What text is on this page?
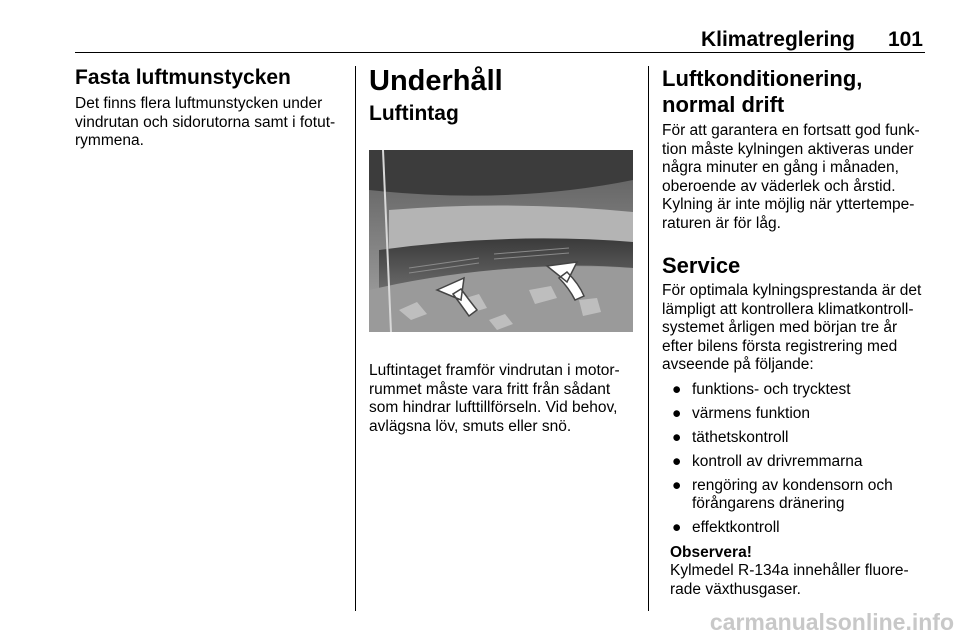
Klimatreglering 101
Fasta luftmunstycken

Det finns flera luftmunstycken under vindrutan och sidorutorna samt i fotut-rymmena.

Underhåll
Luftintag

Luftintaget framför vindrutan i motor-rummet måste vara fritt från sådant som hindrar lufttillförseln. Vid behov, avlägsna löv, smuts eller snö.

Luftkonditionering, normal drift

För att garantera en fortsatt god funk-tion måste kylningen aktiveras under några minuter en gång i månaden, oberoende av väderlek och årstid. Kylning är inte möjlig när yttertempe-raturen är för låg.

Service

För optimala kylningsprestanda är det lämpligt att kontrollera klimatkontroll-systemet årligen med början tre år efter bilens första registrering med avseende på följande:

● funktions- och trycktest
● värmens funktion
● täthetskontroll
● kontroll av drivremmarna
● rengöring av kondensorn och förångarens dränering
● effektkontroll
Observera!

Kylmedel R-134a innehåller fluore-rade växthusgaser.

carmanualsonline.info
